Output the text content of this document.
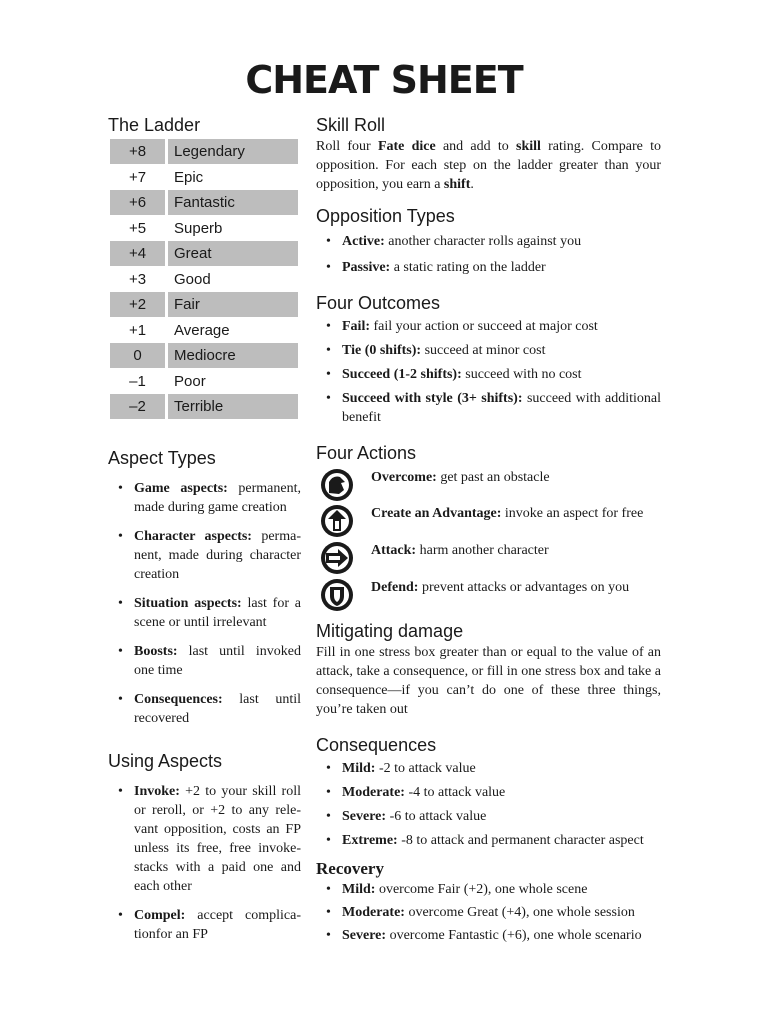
CHEAT SHEET
The Ladder
+8	Legendary
+7	Epic
+6	Fantastic
+5	Superb
+4	Great
+3	Good
+2	Fair
+1	Average
0	Mediocre
–1	Poor
–2	Terrible
Aspect Types
• Game aspects: permanent, made during game creation
• Character aspects: permanent, made during character creation
• Situation aspects: last for a scene or until irrelevant
• Boosts: last until invoked one time
• Consequences: last until recovered
Using Aspects
• Invoke: +2 to your skill roll or reroll, or +2 to any relevant opposition, costs an FP unless its free, free invokestacks with a paid one and each other
• Compel: accept complicationfor an FP
Skill Roll

Roll four Fate dice and add to skill rating. Compare to opposition. For each step on the ladder greater than your opposition, you earn a shift.

Opposition Types
• Active: another character rolls against you
• Passive: a static rating on the ladder
Four Outcomes
• Fail: fail your action or succeed at major cost
• Tie (0 shifts): succeed at minor cost
• Succeed (1-2 shifts): succeed with no cost
• Succeed with style (3+ shifts): succeed with additional benefit
Four Actions
Overcome: get past an obstacle
Create an Advantage: invoke an aspect for free
Attack: harm another character
Defend: prevent attacks or advantages on you
Mitigating damage

Fill in one stress box greater than or equal to the value of an attack, take a consequence, or fill in one stress box and take a consequence—if you can’t do one of these three things, you’re taken out

Consequences
• Mild: -2 to attack value
• Moderate: -4 to attack value
• Severe: -6 to attack value
• Extreme: -8 to attack and permanent character aspect
Recovery
• Mild: overcome Fair (+2), one whole scene
• Moderate: overcome Great (+4), one whole session
• Severe: overcome Fantastic (+6), one whole scenario
